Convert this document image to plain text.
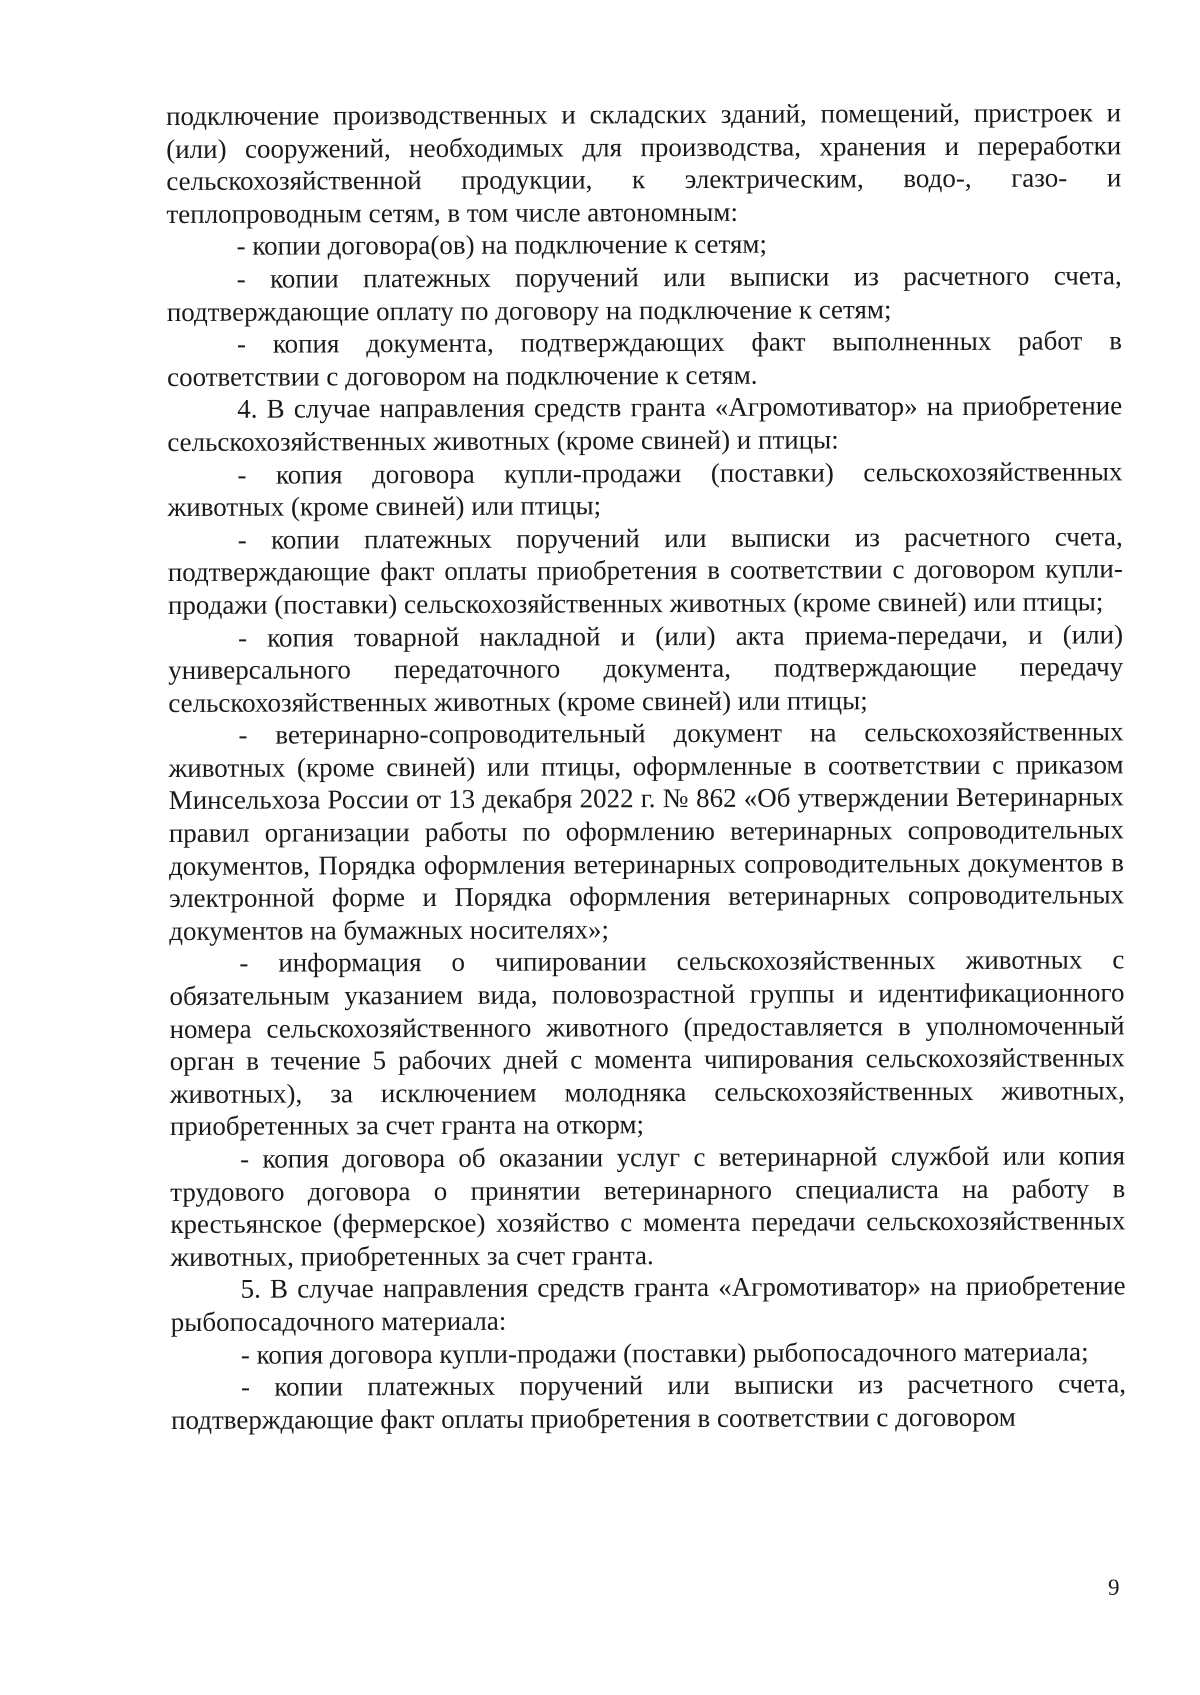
подключение производственных и складских зданий, помещений, пристроек и (или) сооружений, необходимых для производства, хранения и переработки сельскохозяйственной продукции, к электрическим, водо-, газо- и теплопроводным сетям, в том числе автономным:

- копии договора(ов) на подключение к сетям;

- копии платежных поручений или выписки из расчетного счета, подтверждающие оплату по договору на подключение к сетям;

- копия документа, подтверждающих факт выполненных работ в соответствии с договором на подключение к сетям.

4. В случае направления средств гранта «Агромотиватор» на приобретение сельскохозяйственных животных (кроме свиней) и птицы:

- копия договора купли-продажи (поставки) сельскохозяйственных животных (кроме свиней) или птицы;

- копии платежных поручений или выписки из расчетного счета, подтверждающие факт оплаты приобретения в соответствии с договором купли-продажи (поставки) сельскохозяйственных животных (кроме свиней) или птицы;

- копия товарной накладной и (или) акта приема-передачи, и (или) универсального передаточного документа, подтверждающие передачу сельскохозяйственных животных (кроме свиней) или птицы;

- ветеринарно-сопроводительный документ на сельскохозяйственных животных (кроме свиней) или птицы, оформленные в соответствии с приказом Минсельхоза России от 13 декабря 2022 г. № 862 «Об утверждении Ветеринарных правил организации работы по оформлению ветеринарных сопроводительных документов, Порядка оформления ветеринарных сопроводительных документов в электронной форме и Порядка оформления ветеринарных сопроводительных документов на бумажных носителях»;

- информация о чипировании сельскохозяйственных животных с обязательным указанием вида, половозрастной группы и идентификационного номера сельскохозяйственного животного (предоставляется в уполномоченный орган в течение 5 рабочих дней с момента чипирования сельскохозяйственных животных), за исключением молодняка сельскохозяйственных животных, приобретенных за счет гранта на откорм;

- копия договора об оказании услуг с ветеринарной службой или копия трудового договора о принятии ветеринарного специалиста на работу в крестьянское (фермерское) хозяйство с момента передачи сельскохозяйственных животных, приобретенных за счет гранта.

5. В случае направления средств гранта «Агромотиватор» на приобретение рыбопосадочного материала:

- копия договора купли-продажи (поставки) рыбопосадочного материала;

- копии платежных поручений или выписки из расчетного счета, подтверждающие факт оплаты приобретения в соответствии с договором

9
